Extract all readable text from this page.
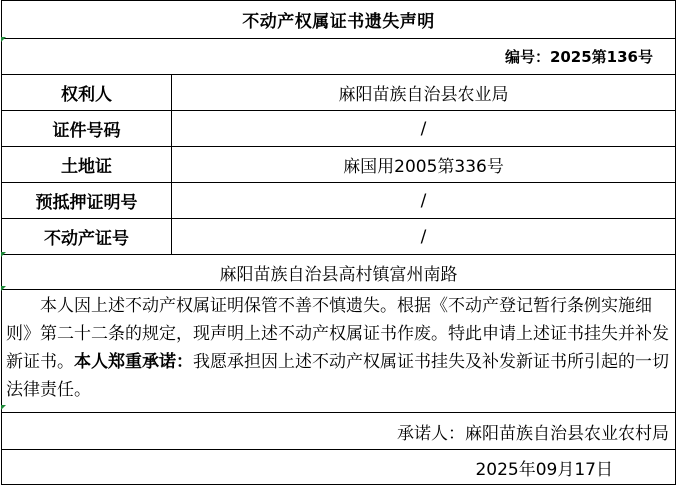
不动产权属证书遗失声明	
编号：2025第136号	
权利人	麻阳苗族自治县农业局
证件号码	/
土地证	麻国用2005第336号
预抵押证明号	/
不动产证号	/
麻阳苗族自治县高村镇富州南路	
本人因上述不动产权属证明保管不善不慎遗失。根据《不动产登记暂行条例实施细则》第二十二条的规定，现声明上述不动产权属证书作废。特此申请上述证书挂失并补发新证书。本人郑重承诺：我愿承担因上述不动产权属证书挂失及补发新证书所引起的一切法律责任。	
承诺人：麻阳苗族自治县农业农村局	
2025年09月17日	
